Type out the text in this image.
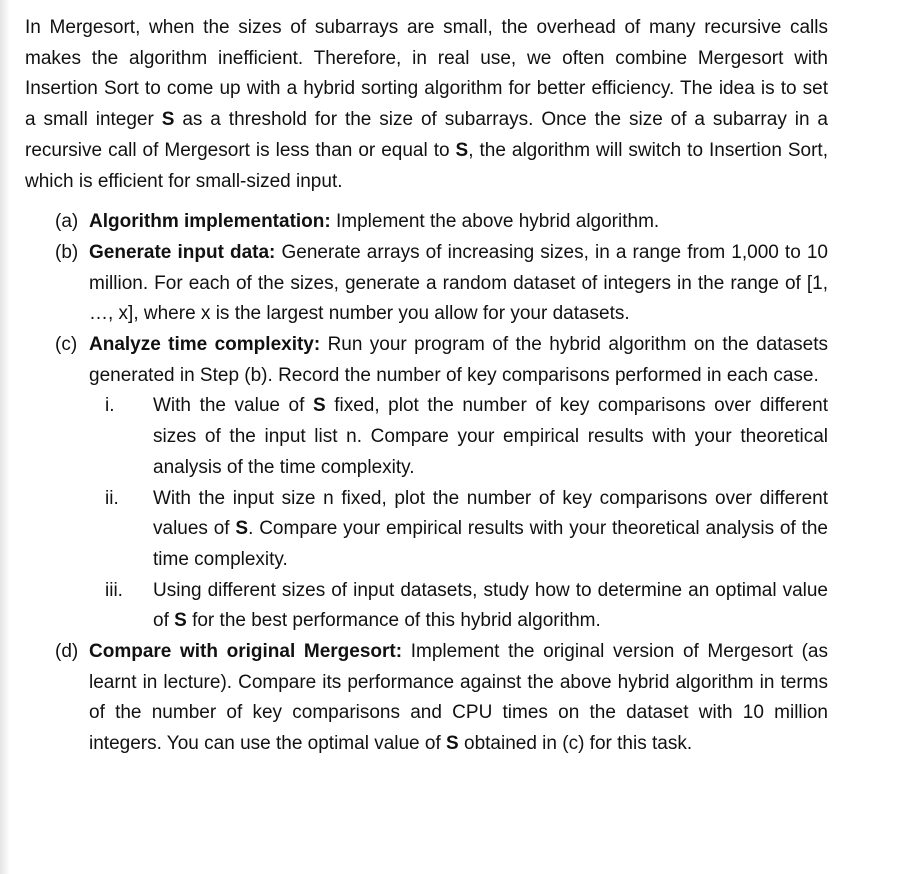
In Mergesort, when the sizes of subarrays are small, the overhead of many recursive calls makes the algorithm inefficient. Therefore, in real use, we often combine Mergesort with Insertion Sort to come up with a hybrid sorting algorithm for better efficiency. The idea is to set a small integer S as a threshold for the size of subarrays. Once the size of a subarray in a recursive call of Mergesort is less than or equal to S, the algorithm will switch to Insertion Sort, which is efficient for small-sized input.

(a) Algorithm implementation: Implement the above hybrid algorithm.
(b) Generate input data: Generate arrays of increasing sizes, in a range from 1,000 to 10 million. For each of the sizes, generate a random dataset of integers in the range of [1, …, x], where x is the largest number you allow for your datasets.
(c) Analyze time complexity: Run your program of the hybrid algorithm on the datasets generated in Step (b). Record the number of key comparisons performed in each case.
i. With the value of S fixed, plot the number of key comparisons over different sizes of the input list n. Compare your empirical results with your theoretical analysis of the time complexity.
ii. With the input size n fixed, plot the number of key comparisons over different values of S. Compare your empirical results with your theoretical analysis of the time complexity.
iii. Using different sizes of input datasets, study how to determine an optimal value of S for the best performance of this hybrid algorithm.
(d) Compare with original Mergesort: Implement the original version of Mergesort (as learnt in lecture). Compare its performance against the above hybrid algorithm in terms of the number of key comparisons and CPU times on the dataset with 10 million integers. You can use the optimal value of S obtained in (c) for this task.
